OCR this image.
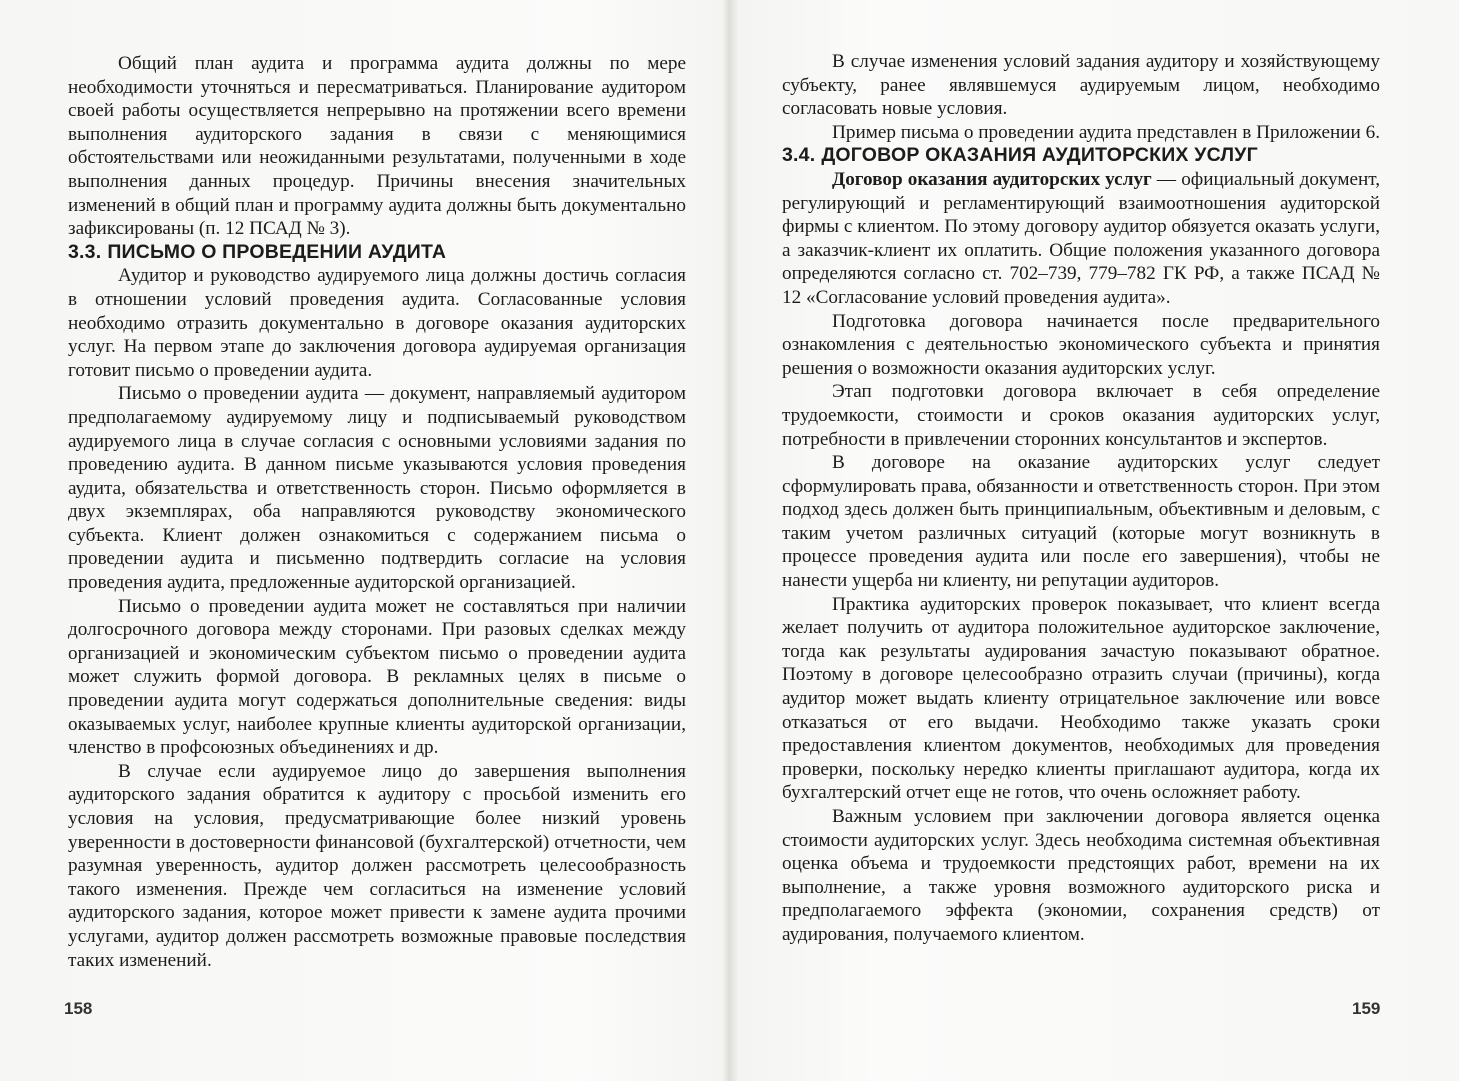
Общий план аудита и программа аудита должны по мере необходимости уточняться и пересматриваться. Планирование аудитором своей работы осуществляется непрерывно на протяжении всего времени выполнения аудиторского задания в связи с меняющимися обстоятельствами или неожиданными результатами, полученными в ходе выполнения данных процедур. Причины внесения значительных изменений в общий план и программу аудита должны быть документально зафиксированы (п. 12 ПСАД № 3).

3.3. ПИСЬМО О ПРОВЕДЕНИИ АУДИТА

Аудитор и руководство аудируемого лица должны достичь согласия в отношении условий проведения аудита. Согласованные условия необходимо отразить документально в договоре оказания аудиторских услуг. На первом этапе до заключения договора аудируемая организация готовит письмо о проведении аудита.

Письмо о проведении аудита — документ, направляемый аудитором предполагаемому аудируемому лицу и подписываемый руководством аудируемого лица в случае согласия с основными условиями задания по проведению аудита. В данном письме указываются условия проведения аудита, обязательства и ответственность сторон. Письмо оформляется в двух экземплярах, оба направляются руководству экономического субъекта. Клиент должен ознакомиться с содержанием письма о проведении аудита и письменно подтвердить согласие на условия проведения аудита, предложенные аудиторской организацией.

Письмо о проведении аудита может не составляться при наличии долгосрочного договора между сторонами. При разовых сделках между организацией и экономическим субъектом письмо о проведении аудита может служить формой договора. В рекламных целях в письме о проведении аудита могут содержаться дополнительные сведения: виды оказываемых услуг, наиболее крупные клиенты аудиторской организации, членство в профсоюзных объединениях и др.

В случае если аудируемое лицо до завершения выполнения аудиторского задания обратится к аудитору с просьбой изменить его условия на условия, предусматривающие более низкий уровень уверенности в достоверности финансовой (бухгалтерской) отчетности, чем разумная уверенность, аудитор должен рассмотреть целесообразность такого изменения. Прежде чем согласиться на изменение условий аудиторского задания, которое может привести к замене аудита прочими услугами, аудитор должен рассмотреть возможные правовые последствия таких изменений.

158

В случае изменения условий задания аудитору и хозяйствующему субъекту, ранее являвшемуся аудируемым лицом, необходимо согласовать новые условия.

Пример письма о проведении аудита представлен в Приложении 6.

3.4. ДОГОВОР ОКАЗАНИЯ АУДИТОРСКИХ УСЛУГ

Договор оказания аудиторских услуг — официальный документ, регулирующий и регламентирующий взаимоотношения аудиторской фирмы с клиентом. По этому договору аудитор обязуется оказать услуги, а заказчик-клиент их оплатить. Общие положения указанного договора определяются согласно ст. 702–739, 779–782 ГК РФ, а также ПСАД № 12 «Согласование условий проведения аудита».

Подготовка договора начинается после предварительного ознакомления с деятельностью экономического субъекта и принятия решения о возможности оказания аудиторских услуг.

Этап подготовки договора включает в себя определение трудоемкости, стоимости и сроков оказания аудиторских услуг, потребности в привлечении сторонних консультантов и экспертов.

В договоре на оказание аудиторских услуг следует сформулировать права, обязанности и ответственность сторон. При этом подход здесь должен быть принципиальным, объективным и деловым, с таким учетом различных ситуаций (которые могут возникнуть в процессе проведения аудита или после его завершения), чтобы не нанести ущерба ни клиенту, ни репутации аудиторов.

Практика аудиторских проверок показывает, что клиент всегда желает получить от аудитора положительное аудиторское заключение, тогда как результаты аудирования зачастую показывают обратное. Поэтому в договоре целесообразно отразить случаи (причины), когда аудитор может выдать клиенту отрицательное заключение или вовсе отказаться от его выдачи. Необходимо также указать сроки предоставления клиентом документов, необходимых для проведения проверки, поскольку нередко клиенты приглашают аудитора, когда их бухгалтерский отчет еще не готов, что очень осложняет работу.

Важным условием при заключении договора является оценка стоимости аудиторских услуг. Здесь необходима системная объективная оценка объема и трудоемкости предстоящих работ, времени на их выполнение, а также уровня возможного аудиторского риска и предполагаемого эффекта (экономии, сохранения средств) от аудирования, получаемого клиентом.

159
